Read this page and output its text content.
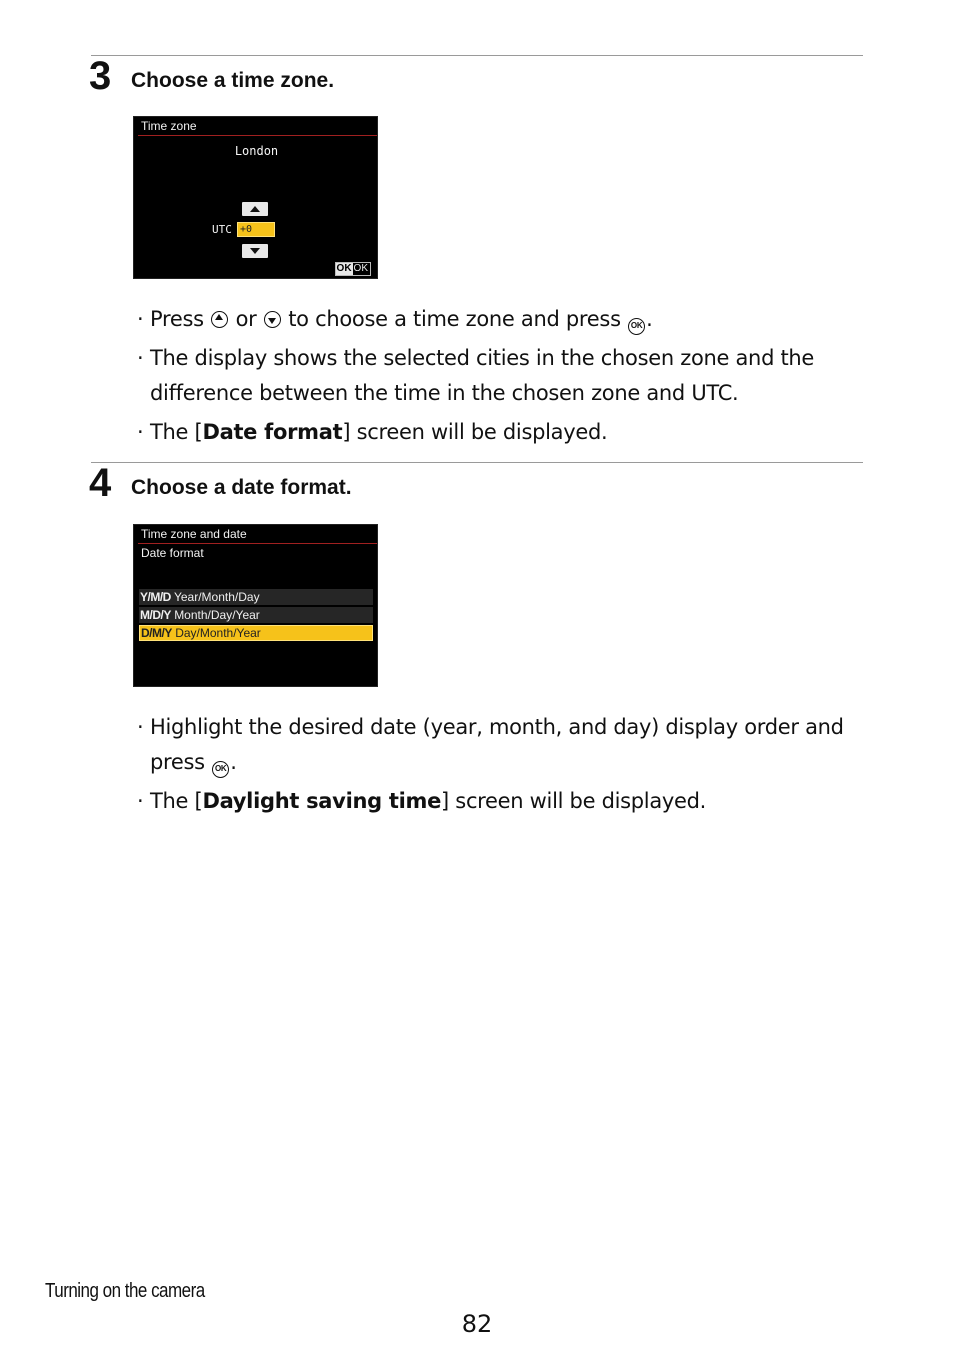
3 Choose a time zone.
Time zone
London
UTC +0
OK OK
· Press or to choose a time zone and press OK .
· The display shows the selected cities in the chosen zone and the difference between the time in the chosen zone and UTC.
· The [Date format] screen will be displayed.
4 Choose a date format.
Time zone and date
Date format
Y/M/D Year/Month/Day
M/D/Y Month/Day/Year
D/M/Y Day/Month/Year
· Highlight the desired date (year, month, and day) display order and press OK .
· The [Daylight saving time] screen will be displayed.
Turning on the camera
82
